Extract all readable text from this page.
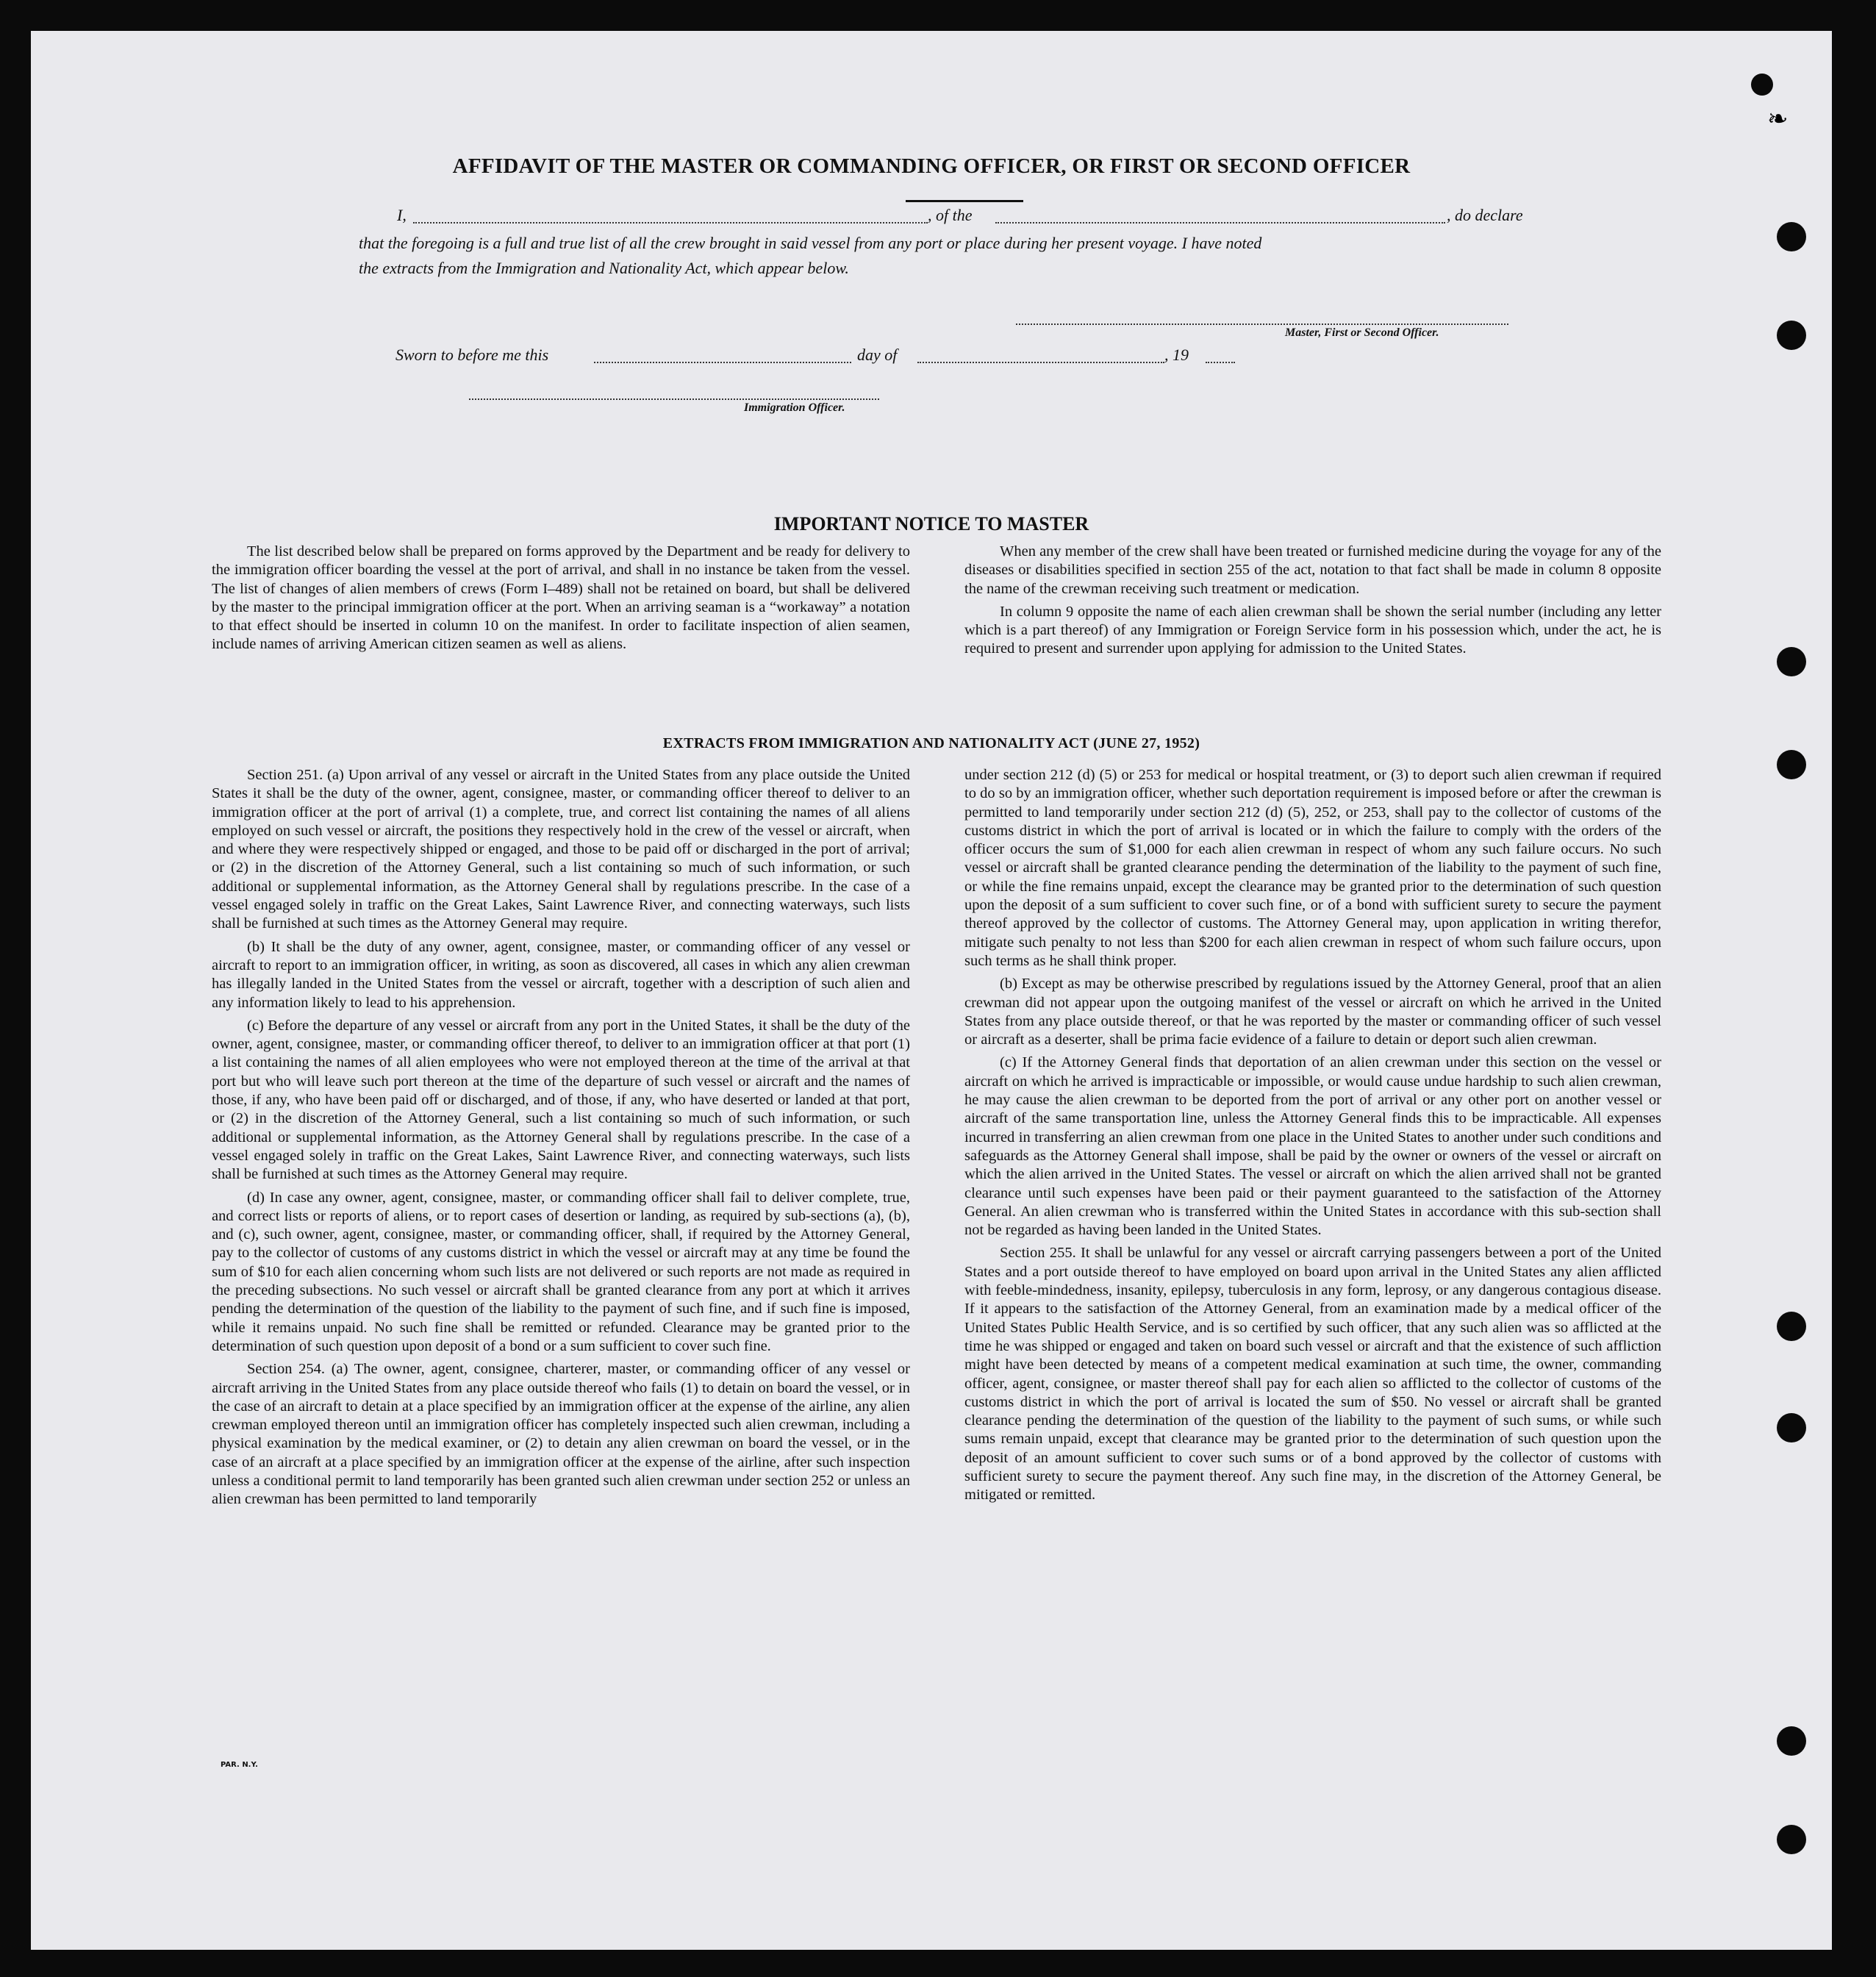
❧
AFFIDAVIT OF THE MASTER OR COMMANDING OFFICER, OR FIRST OR SECOND OFFICER
I,	, of the	, do declare
that the foregoing is a full and true list of all the crew brought in said vessel from any port or place during her present voyage. I have noted
the extracts from the Immigration and Nationality Act, which appear below.
Master, First or Second Officer.
Sworn to before me this	day of	, 19
Immigration Officer.
IMPORTANT NOTICE TO MASTER

The list described below shall be prepared on forms approved by the Department and be ready for delivery to the immigration officer boarding the vessel at the port of arrival, and shall in no instance be taken from the vessel. The list of changes of alien members of crews (Form I–489) shall not be retained on board, but shall be delivered by the master to the principal immigration officer at the port. When an arriving seaman is a “workaway” a notation to that effect should be inserted in column 10 on the manifest. In order to facilitate inspection of alien seamen, include names of arriving American citizen seamen as well as aliens.

When any member of the crew shall have been treated or furnished medicine during the voyage for any of the diseases or disabilities specified in section 255 of the act, notation to that fact shall be made in column 8 opposite the name of the crewman receiving such treatment or medication.

In column 9 opposite the name of each alien crewman shall be shown the serial number (including any letter which is a part thereof) of any Immigration or Foreign Service form in his possession which, under the act, he is required to present and surrender upon applying for admission to the United States.

EXTRACTS FROM IMMIGRATION AND NATIONALITY ACT (JUNE 27, 1952)

Section 251. (a) Upon arrival of any vessel or aircraft in the United States from any place outside the United States it shall be the duty of the owner, agent, consignee, master, or commanding officer thereof to deliver to an immigration officer at the port of arrival (1) a complete, true, and correct list containing the names of all aliens employed on such vessel or aircraft, the positions they respectively hold in the crew of the vessel or aircraft, when and where they were respectively shipped or engaged, and those to be paid off or discharged in the port of arrival; or (2) in the discretion of the Attorney General, such a list containing so much of such information, or such additional or supplemental information, as the Attorney General shall by regulations prescribe. In the case of a vessel engaged solely in traffic on the Great Lakes, Saint Lawrence River, and connecting waterways, such lists shall be furnished at such times as the Attorney General may require.

(b) It shall be the duty of any owner, agent, consignee, master, or commanding officer of any vessel or aircraft to report to an immigration officer, in writing, as soon as discovered, all cases in which any alien crewman has illegally landed in the United States from the vessel or aircraft, together with a description of such alien and any information likely to lead to his apprehension.

(c) Before the departure of any vessel or aircraft from any port in the United States, it shall be the duty of the owner, agent, consignee, master, or commanding officer thereof, to deliver to an immigration officer at that port (1) a list containing the names of all alien employees who were not employed thereon at the time of the arrival at that port but who will leave such port thereon at the time of the departure of such vessel or aircraft and the names of those, if any, who have been paid off or discharged, and of those, if any, who have deserted or landed at that port, or (2) in the discretion of the Attorney General, such a list containing so much of such information, or such additional or supplemental information, as the Attorney General shall by regulations prescribe. In the case of a vessel engaged solely in traffic on the Great Lakes, Saint Lawrence River, and connecting waterways, such lists shall be furnished at such times as the Attorney General may require.

(d) In case any owner, agent, consignee, master, or commanding officer shall fail to deliver complete, true, and correct lists or reports of aliens, or to report cases of desertion or landing, as required by sub-sections (a), (b), and (c), such owner, agent, consignee, master, or commanding officer, shall, if required by the Attorney General, pay to the collector of customs of any customs district in which the vessel or aircraft may at any time be found the sum of $10 for each alien concerning whom such lists are not delivered or such reports are not made as required in the preceding subsections. No such vessel or aircraft shall be granted clearance from any port at which it arrives pending the determination of the question of the liability to the payment of such fine, and if such fine is imposed, while it remains unpaid. No such fine shall be remitted or refunded. Clearance may be granted prior to the determination of such question upon deposit of a bond or a sum sufficient to cover such fine.

Section 254. (a) The owner, agent, consignee, charterer, master, or commanding officer of any vessel or aircraft arriving in the United States from any place outside thereof who fails (1) to detain on board the vessel, or in the case of an aircraft to detain at a place specified by an immigration officer at the expense of the airline, any alien crewman employed thereon until an immigration officer has completely inspected such alien crewman, including a physical examination by the medical examiner, or (2) to detain any alien crewman on board the vessel, or in the case of an aircraft at a place specified by an immigration officer at the expense of the airline, after such inspection unless a conditional permit to land temporarily has been granted such alien crewman under section 252 or unless an alien crewman has been permitted to land temporarily

under section 212 (d) (5) or 253 for medical or hospital treatment, or (3) to deport such alien crewman if required to do so by an immigration officer, whether such deportation requirement is imposed before or after the crewman is permitted to land temporarily under section 212 (d) (5), 252, or 253, shall pay to the collector of customs of the customs district in which the port of arrival is located or in which the failure to comply with the orders of the officer occurs the sum of $1,000 for each alien crewman in respect of whom any such failure occurs. No such vessel or aircraft shall be granted clearance pending the determination of the liability to the payment of such fine, or while the fine remains unpaid, except the clearance may be granted prior to the determination of such question upon the deposit of a sum sufficient to cover such fine, or of a bond with sufficient surety to secure the payment thereof approved by the collector of customs. The Attorney General may, upon application in writing therefor, mitigate such penalty to not less than $200 for each alien crewman in respect of whom such failure occurs, upon such terms as he shall think proper.

(b) Except as may be otherwise prescribed by regulations issued by the Attorney General, proof that an alien crewman did not appear upon the outgoing manifest of the vessel or aircraft on which he arrived in the United States from any place outside thereof, or that he was reported by the master or commanding officer of such vessel or aircraft as a deserter, shall be prima facie evidence of a failure to detain or deport such alien crewman.

(c) If the Attorney General finds that deportation of an alien crewman under this section on the vessel or aircraft on which he arrived is impracticable or impossible, or would cause undue hardship to such alien crewman, he may cause the alien crewman to be deported from the port of arrival or any other port on another vessel or aircraft of the same transportation line, unless the Attorney General finds this to be impracticable. All expenses incurred in transferring an alien crewman from one place in the United States to another under such conditions and safeguards as the Attorney General shall impose, shall be paid by the owner or owners of the vessel or aircraft on which the alien arrived in the United States. The vessel or aircraft on which the alien arrived shall not be granted clearance until such expenses have been paid or their payment guaranteed to the satisfaction of the Attorney General. An alien crewman who is transferred within the United States in accordance with this sub-section shall not be regarded as having been landed in the United States.

Section 255. It shall be unlawful for any vessel or aircraft carrying passengers between a port of the United States and a port outside thereof to have employed on board upon arrival in the United States any alien afflicted with feeble-mindedness, insanity, epilepsy, tuberculosis in any form, leprosy, or any dangerous contagious disease. If it appears to the satisfaction of the Attorney General, from an examination made by a medical officer of the United States Public Health Service, and is so certified by such officer, that any such alien was so afflicted at the time he was shipped or engaged and taken on board such vessel or aircraft and that the existence of such affliction might have been detected by means of a competent medical examination at such time, the owner, commanding officer, agent, consignee, or master thereof shall pay for each alien so afflicted to the collector of customs of the customs district in which the port of arrival is located the sum of $50. No vessel or aircraft shall be granted clearance pending the determination of the question of the liability to the payment of such sums, or while such sums remain unpaid, except that clearance may be granted prior to the determination of such question upon the deposit of an amount sufficient to cover such sums or of a bond approved by the collector of customs with sufficient surety to secure the payment thereof. Any such fine may, in the discretion of the Attorney General, be mitigated or remitted.

PAR. N.Y.
